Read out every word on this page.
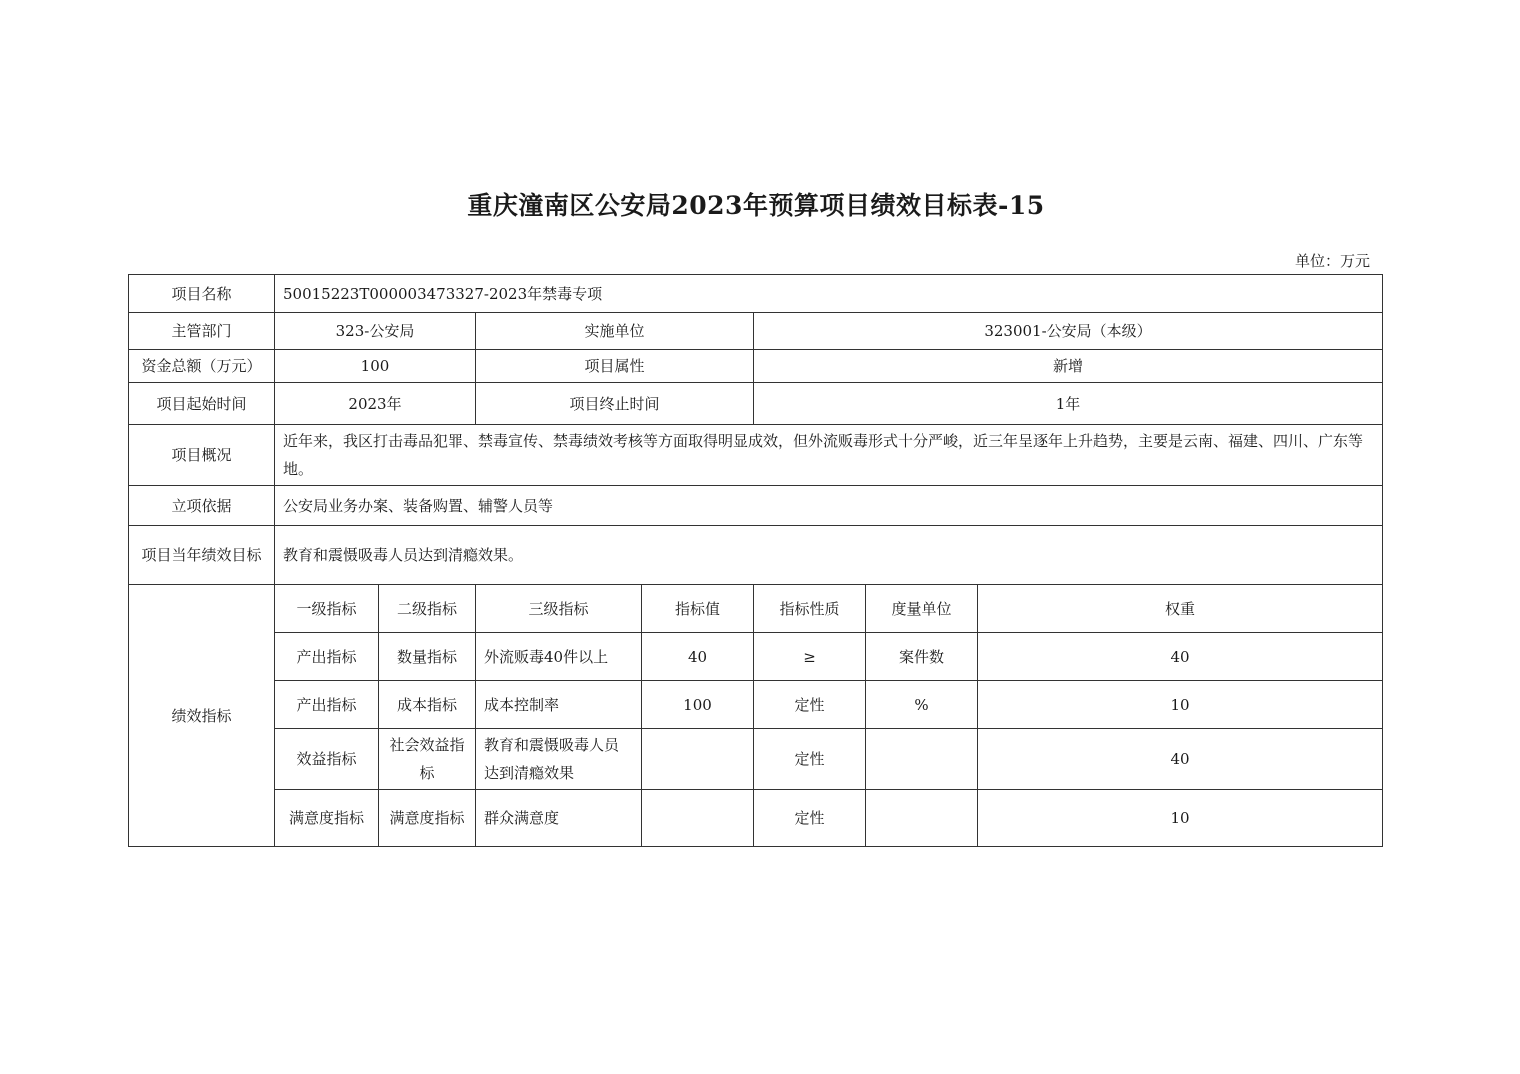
重庆潼南区公安局2023年预算项目绩效目标表-15
单位：万元
项目名称	50015223T000003473327-2023年禁毒专项						
主管部门	323-公安局		实施单位		323001-公安局（本级）		
资金总额（万元）	100		项目属性		新增		
项目起始时间	2023年		项目终止时间		1年		
项目概况	近年来，我区打击毒品犯罪、禁毒宣传、禁毒绩效考核等方面取得明显成效，但外流贩毒形式十分严峻，近三年呈逐年上升趋势，主要是云南、福建、四川、广东等地。						
立项依据	公安局业务办案、装备购置、辅警人员等						
项目当年绩效目标	教育和震慑吸毒人员达到清瘾效果。						
绩效指标	一级指标	二级指标	三级指标	指标值	指标性质	度量单位	权重
	产出指标	数量指标	外流贩毒40件以上	40	≥	案件数	40
	产出指标	成本指标	成本控制率	100	定性	%	10
	效益指标	社会效益指标	教育和震慑吸毒人员达到清瘾效果		定性		40
	满意度指标	满意度指标	群众满意度		定性		10
